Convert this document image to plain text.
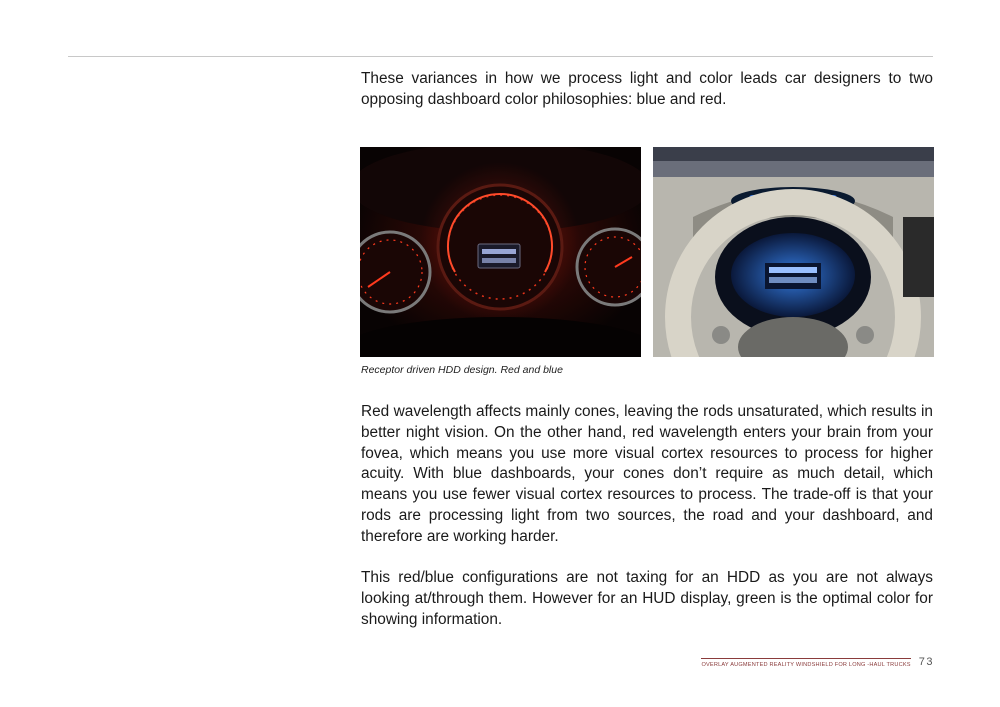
These variances in how we process light and color leads car designers to two opposing dashboard color philosophies: blue and red.

Receptor driven HDD design. Red and blue

Red wavelength affects mainly cones, leaving the rods unsaturated, which results in better night vision. On the other hand, red wavelength enters your brain from your fovea, which means you use more visual cortex resources to process for higher acuity. With blue dashboards, your cones don’t require as much detail, which means you use fewer visual cortex resources to process. The trade-off is that your rods are processing light from two sources, the road and your dashboard, and therefore are working harder.

This red/blue configurations are not taxing for an HDD as you are not always looking at/through them. However for an HUD display, green is the optimal color for showing information.

OVERLAY AUGMENTED REALITY WINDSHIELD FOR LONG -HAUL TRUCKS 73
